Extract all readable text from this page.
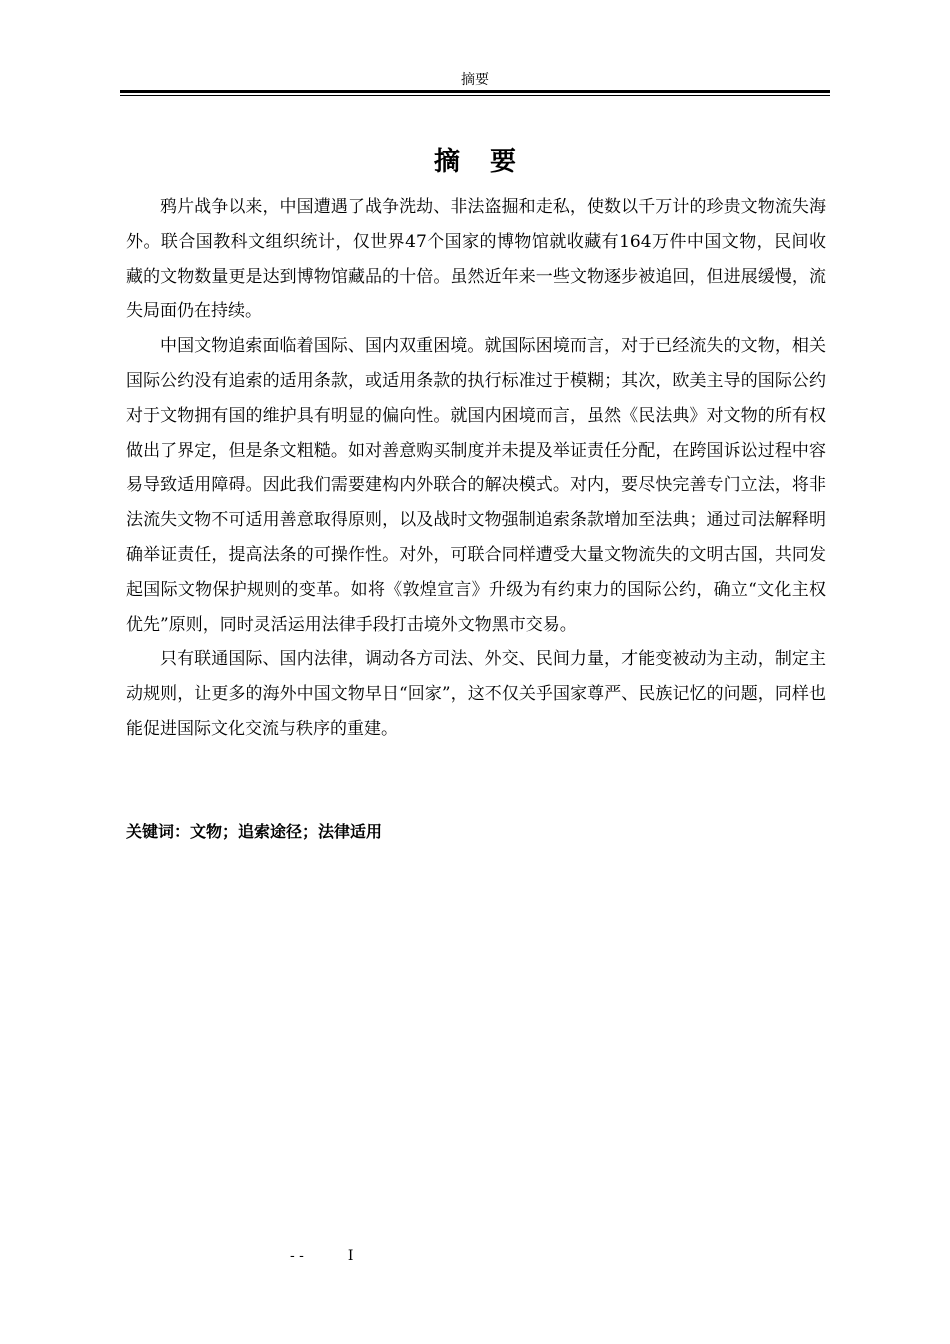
摘要
摘要

鸦片战争以来，中国遭遇了战争洗劫、非法盗掘和走私，使数以千万计的珍贵文物流失海外。联合国教科文组织统计，仅世界47个国家的博物馆就收藏有164万件中国文物，民间收藏的文物数量更是达到博物馆藏品的十倍。虽然近年来一些文物逐步被追回，但进展缓慢，流失局面仍在持续。

中国文物追索面临着国际、国内双重困境。就国际困境而言，对于已经流失的文物，相关国际公约没有追索的适用条款，或适用条款的执行标准过于模糊；其次，欧美主导的国际公约对于文物拥有国的维护具有明显的偏向性。就国内困境而言，虽然《民法典》对文物的所有权做出了界定，但是条文粗糙。如对善意购买制度并未提及举证责任分配，在跨国诉讼过程中容易导致适用障碍。因此我们需要建构内外联合的解决模式。对内，要尽快完善专门立法，将非法流失文物不可适用善意取得原则，以及战时文物强制追索条款增加至法典；通过司法解释明确举证责任，提高法条的可操作性。对外，可联合同样遭受大量文物流失的文明古国，共同发起国际文物保护规则的变革。如将《敦煌宣言》升级为有约束力的国际公约，确立“文化主权优先”原则，同时灵活运用法律手段打击境外文物黑市交易。

只有联通国际、国内法律，调动各方司法、外交、民间力量，才能变被动为主动，制定主动规则，让更多的海外中国文物早日“回家”，这不仅关乎国家尊严、民族记忆的问题，同样也能促进国际文化交流与秩序的重建。

关键词：文物；追索途径；法律适用
- -	I
